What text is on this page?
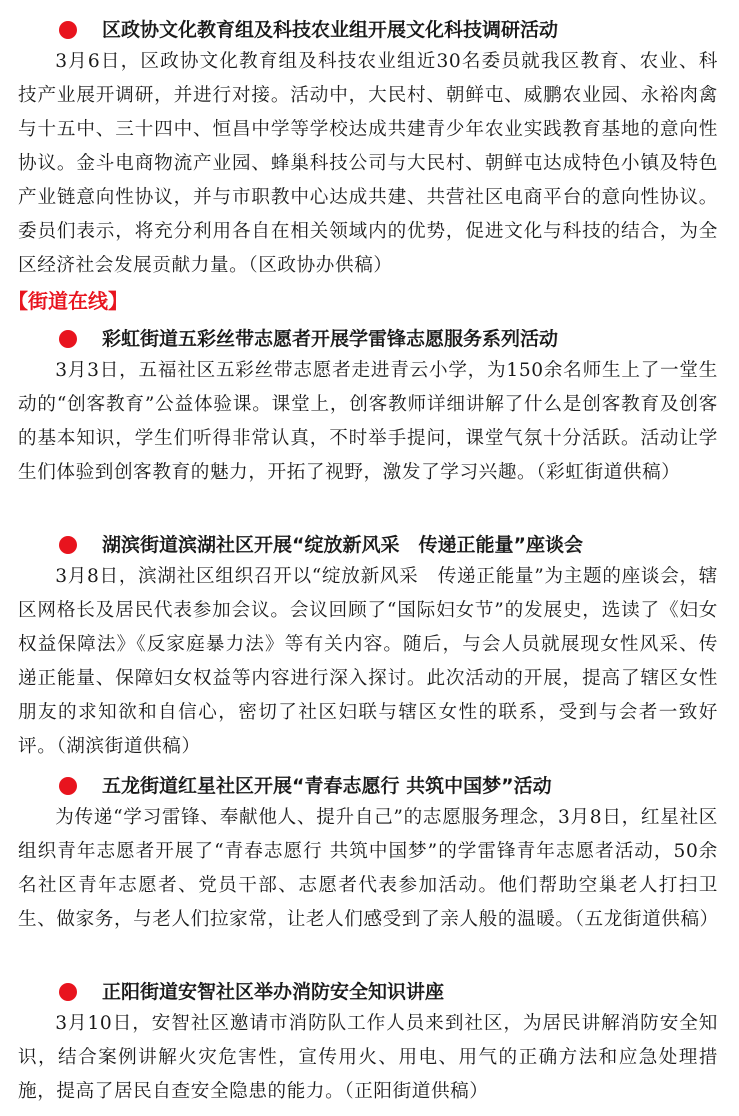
区政协文化教育组及科技农业组开展文化科技调研活动

3月6日，区政协文化教育组及科技农业组近30名委员就我区教育、农业、科技产业展开调研，并进行对接。活动中，大民村、朝鲜屯、威鹏农业园、永裕肉禽与十五中、三十四中、恒昌中学等学校达成共建青少年农业实践教育基地的意向性协议。金斗电商物流产业园、蜂巢科技公司与大民村、朝鲜屯达成特色小镇及特色产业链意向性协议，并与市职教中心达成共建、共营社区电商平台的意向性协议。委员们表示，将充分利用各自在相关领域内的优势，促进文化与科技的结合，为全区经济社会发展贡献力量。（区政协办供稿）

【街道在线】
彩虹街道五彩丝带志愿者开展学雷锋志愿服务系列活动

3月3日，五福社区五彩丝带志愿者走进青云小学，为150余名师生上了一堂生动的“创客教育”公益体验课。课堂上，创客教师详细讲解了什么是创客教育及创客的基本知识，学生们听得非常认真，不时举手提问，课堂气氛十分活跃。活动让学生们体验到创客教育的魅力，开拓了视野，激发了学习兴趣。（彩虹街道供稿）

湖滨街道滨湖社区开展“绽放新风采　传递正能量”座谈会

3月8日，滨湖社区组织召开以“绽放新风采　传递正能量”为主题的座谈会，辖区网格长及居民代表参加会议。会议回顾了“国际妇女节”的发展史，选读了《妇女权益保障法》《反家庭暴力法》等有关内容。随后，与会人员就展现女性风采、传递正能量、保障妇女权益等内容进行深入探讨。此次活动的开展，提高了辖区女性朋友的求知欲和自信心，密切了社区妇联与辖区女性的联系，受到与会者一致好评。（湖滨街道供稿）

五龙街道红星社区开展“青春志愿行 共筑中国梦”活动

为传递“学习雷锋、奉献他人、提升自己”的志愿服务理念，3月8日，红星社区组织青年志愿者开展了“青春志愿行 共筑中国梦”的学雷锋青年志愿者活动，50余名社区青年志愿者、党员干部、志愿者代表参加活动。他们帮助空巢老人打扫卫生、做家务，与老人们拉家常，让老人们感受到了亲人般的温暖。（五龙街道供稿）

正阳街道安智社区举办消防安全知识讲座

3月10日，安智社区邀请市消防队工作人员来到社区，为居民讲解消防安全知识，结合案例讲解火灾危害性，宣传用火、用电、用气的正确方法和应急处理措施，提高了居民自查安全隐患的能力。（正阳街道供稿）
